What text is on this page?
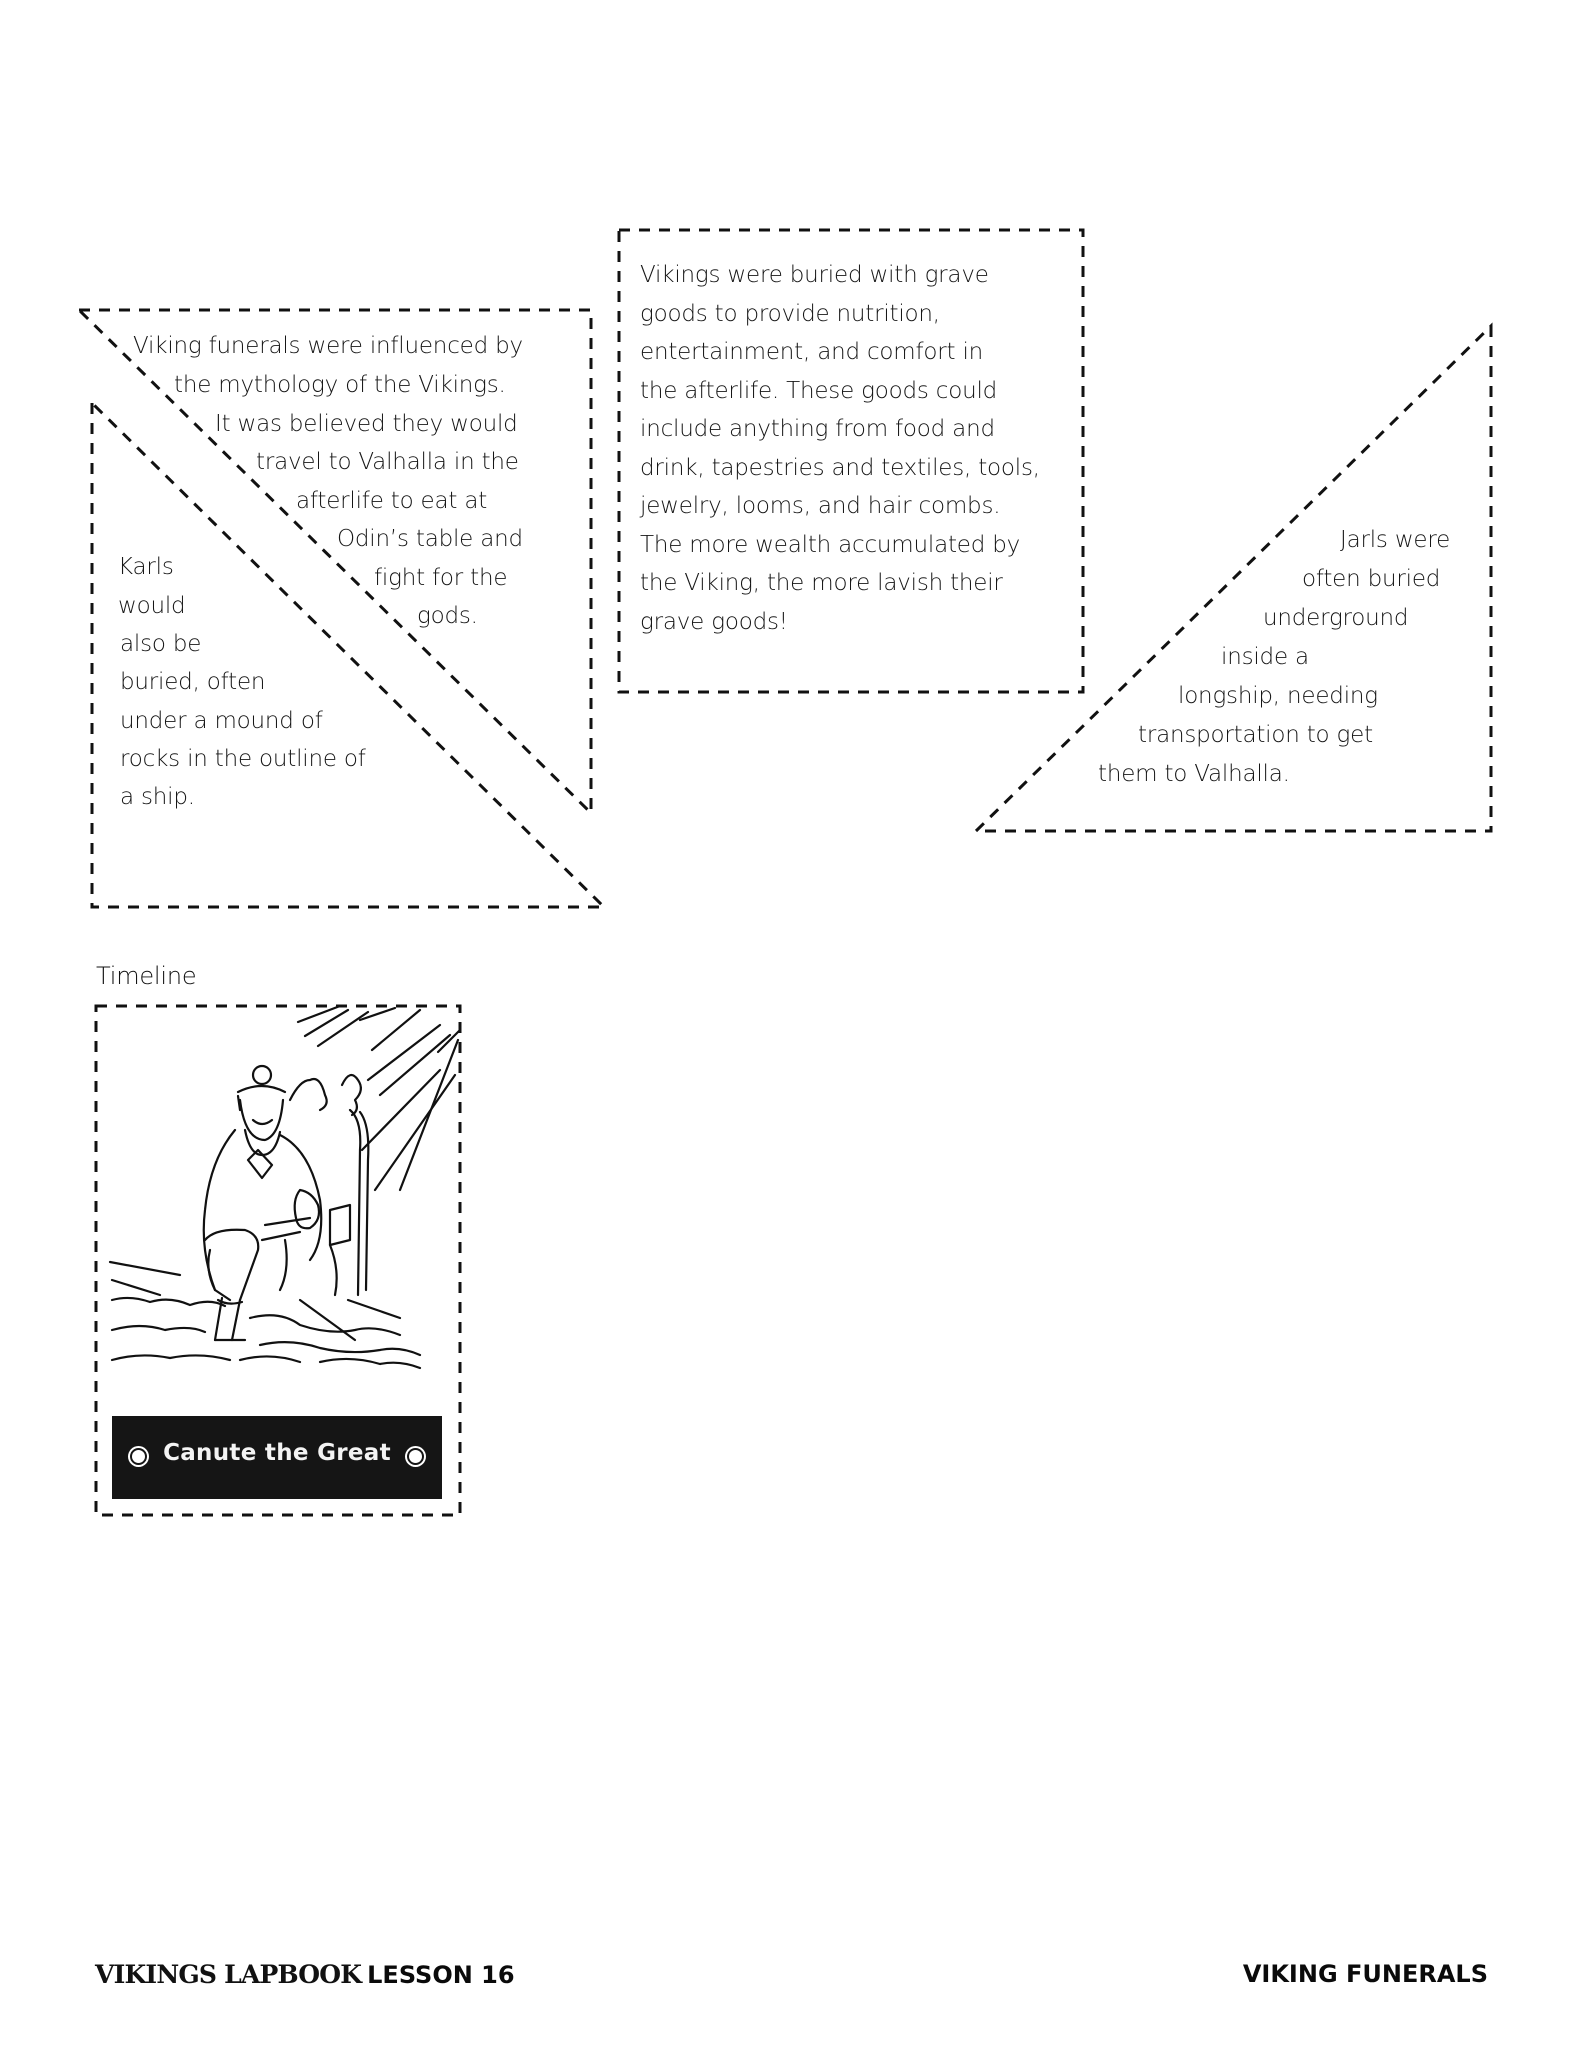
Viking funerals were influenced by
the mythology of the Vikings.
It was believed they would
travel to Valhalla in the
afterlife to eat at
Odin’s table and
fight for the
gods.
Karls
would
also be
buried, often
under a mound of
rocks in the outline of
a ship.
Vikings were buried with grave
goods to provide nutrition,
entertainment, and comfort in
the afterlife. These goods could
include anything from food and
drink, tapestries and textiles, tools,
jewelry, looms, and hair combs.
The more wealth accumulated by
the Viking, the more lavish their
grave goods!
Jarls were
often buried
underground
inside a
longship, needing
transportation to get
them to Valhalla.
Timeline
Canute the Great
VIKINGS LAPBOOK LESSON 16	VIKING FUNERALS
